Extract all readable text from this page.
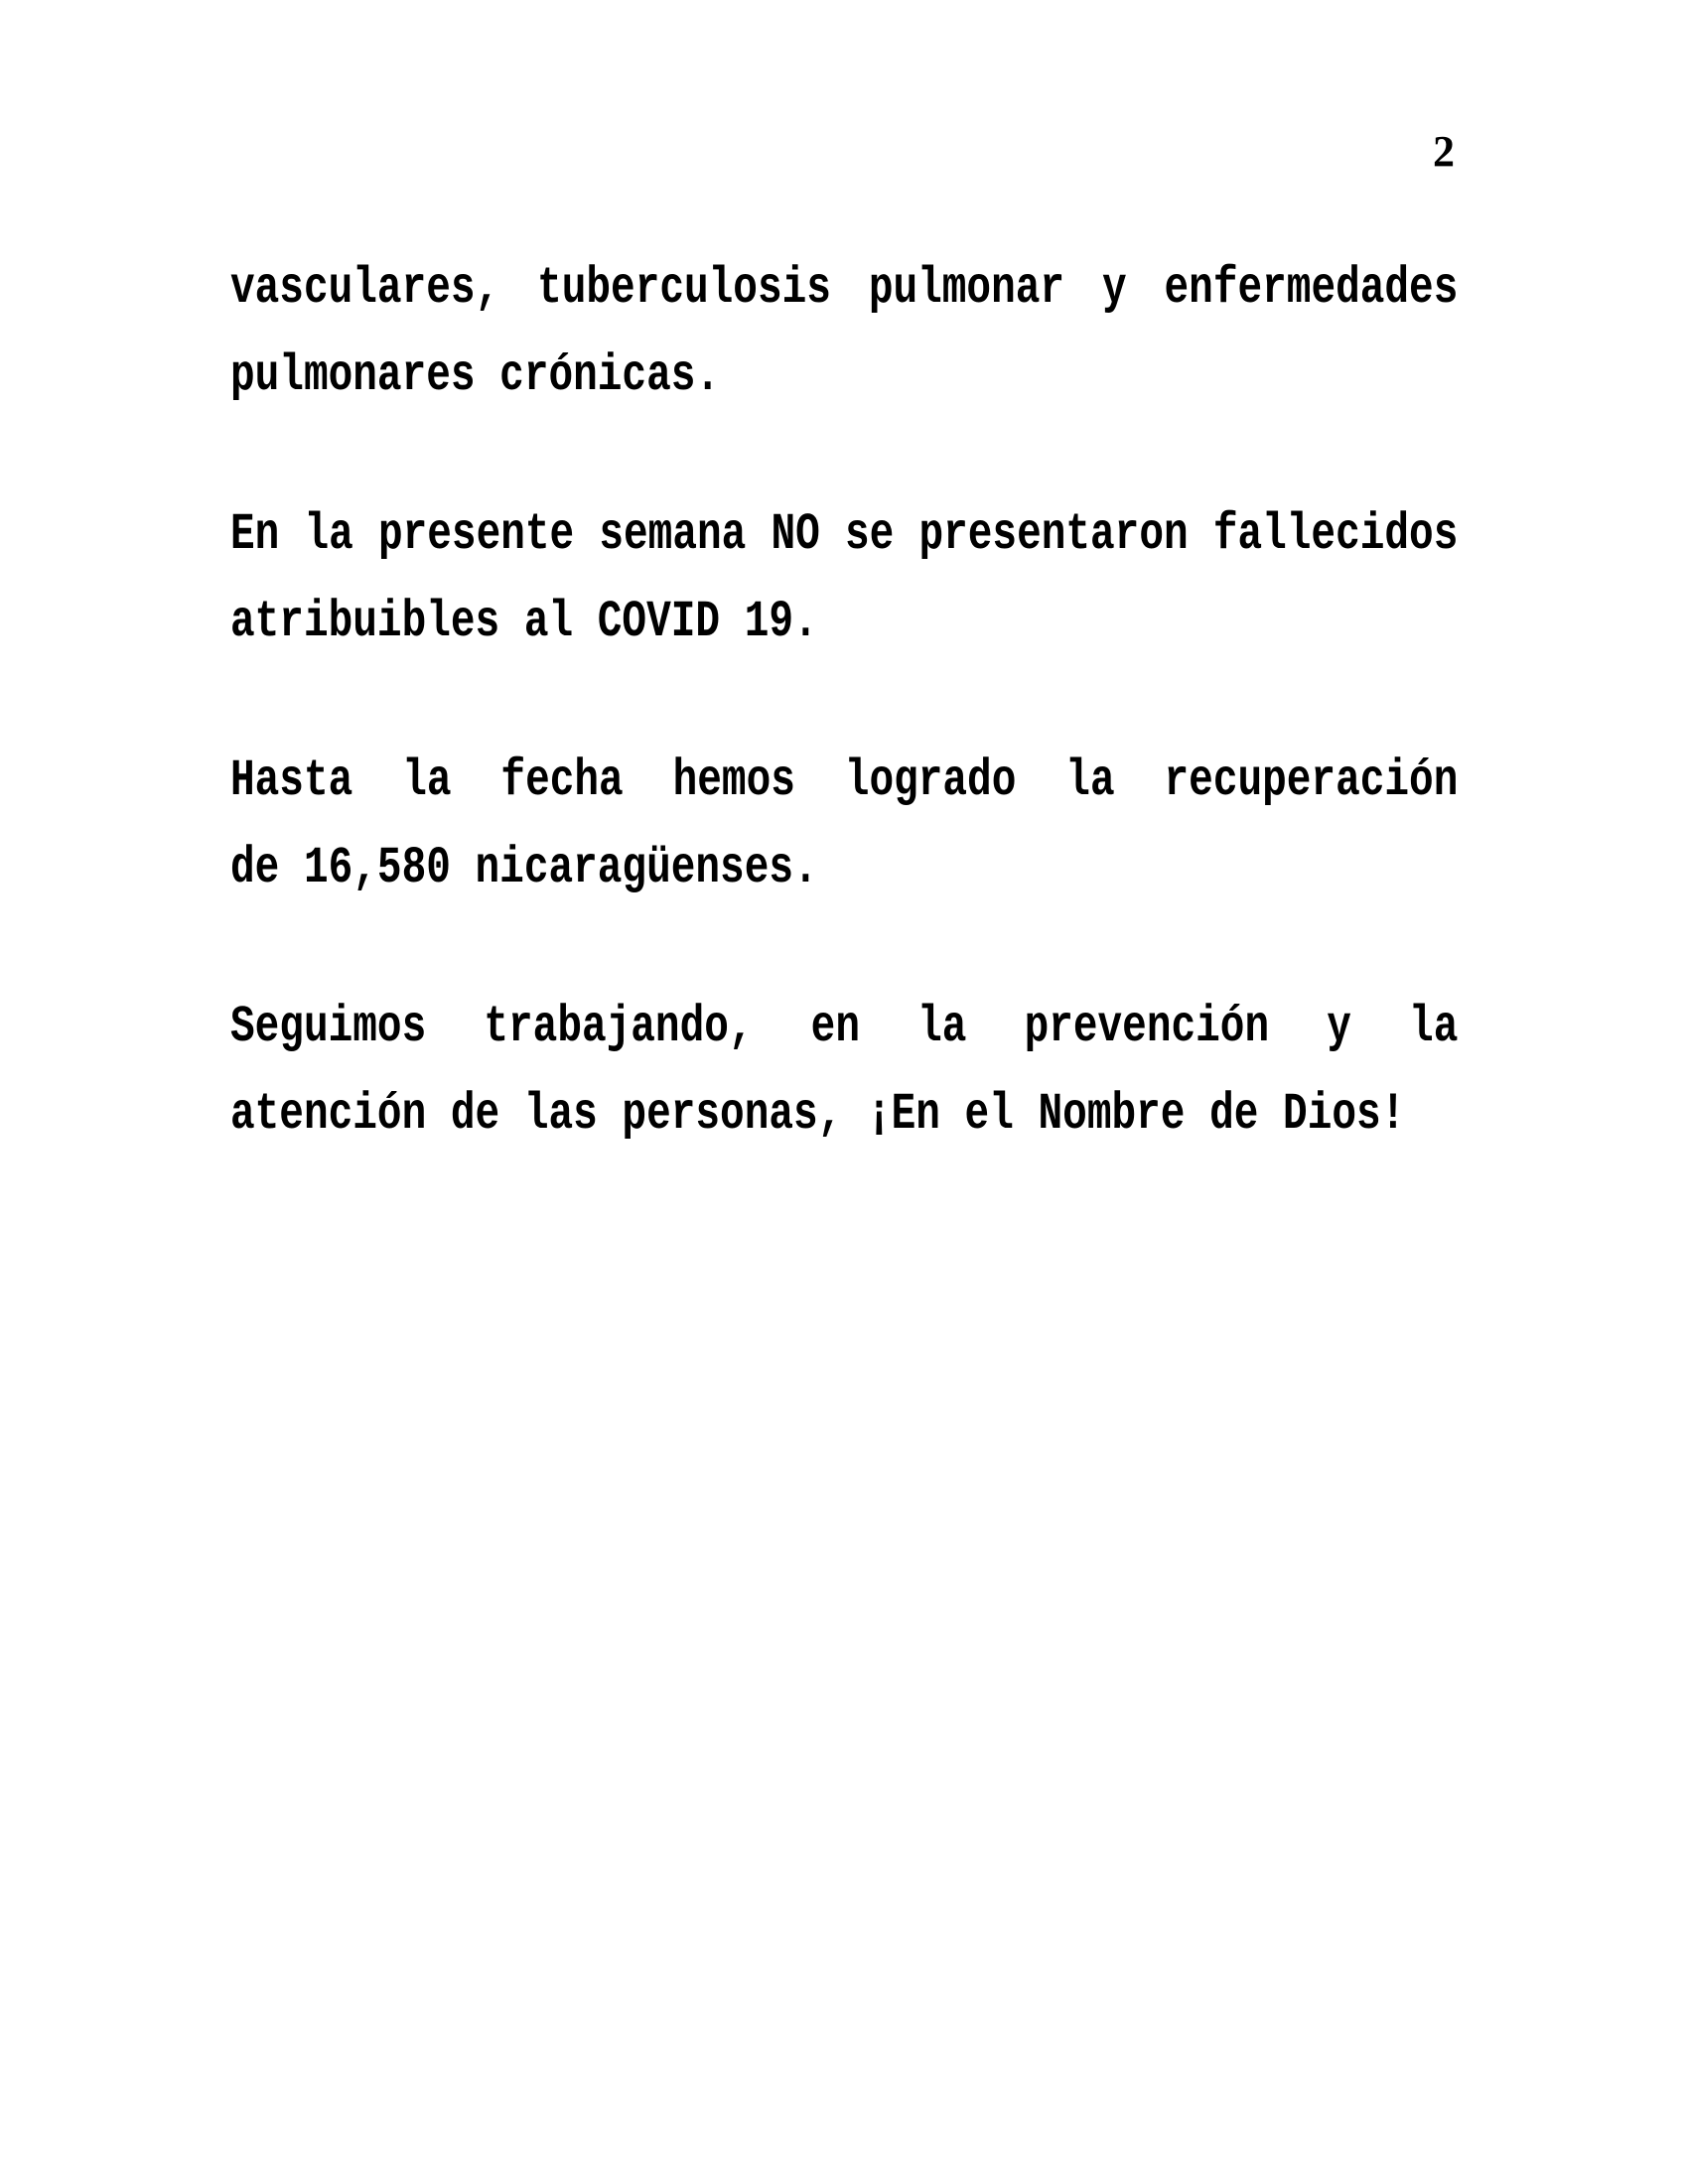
2
vasculares, tuberculosis pulmonar y enfermedades
pulmonares crónicas.
En la presente semana NO se presentaron fallecidos
atribuibles al COVID 19.
Hasta la fecha hemos logrado la recuperación
de 16,580 nicaragüenses.
Seguimos trabajando, en la prevención y la
atención de las personas, ¡En el Nombre de Dios!
